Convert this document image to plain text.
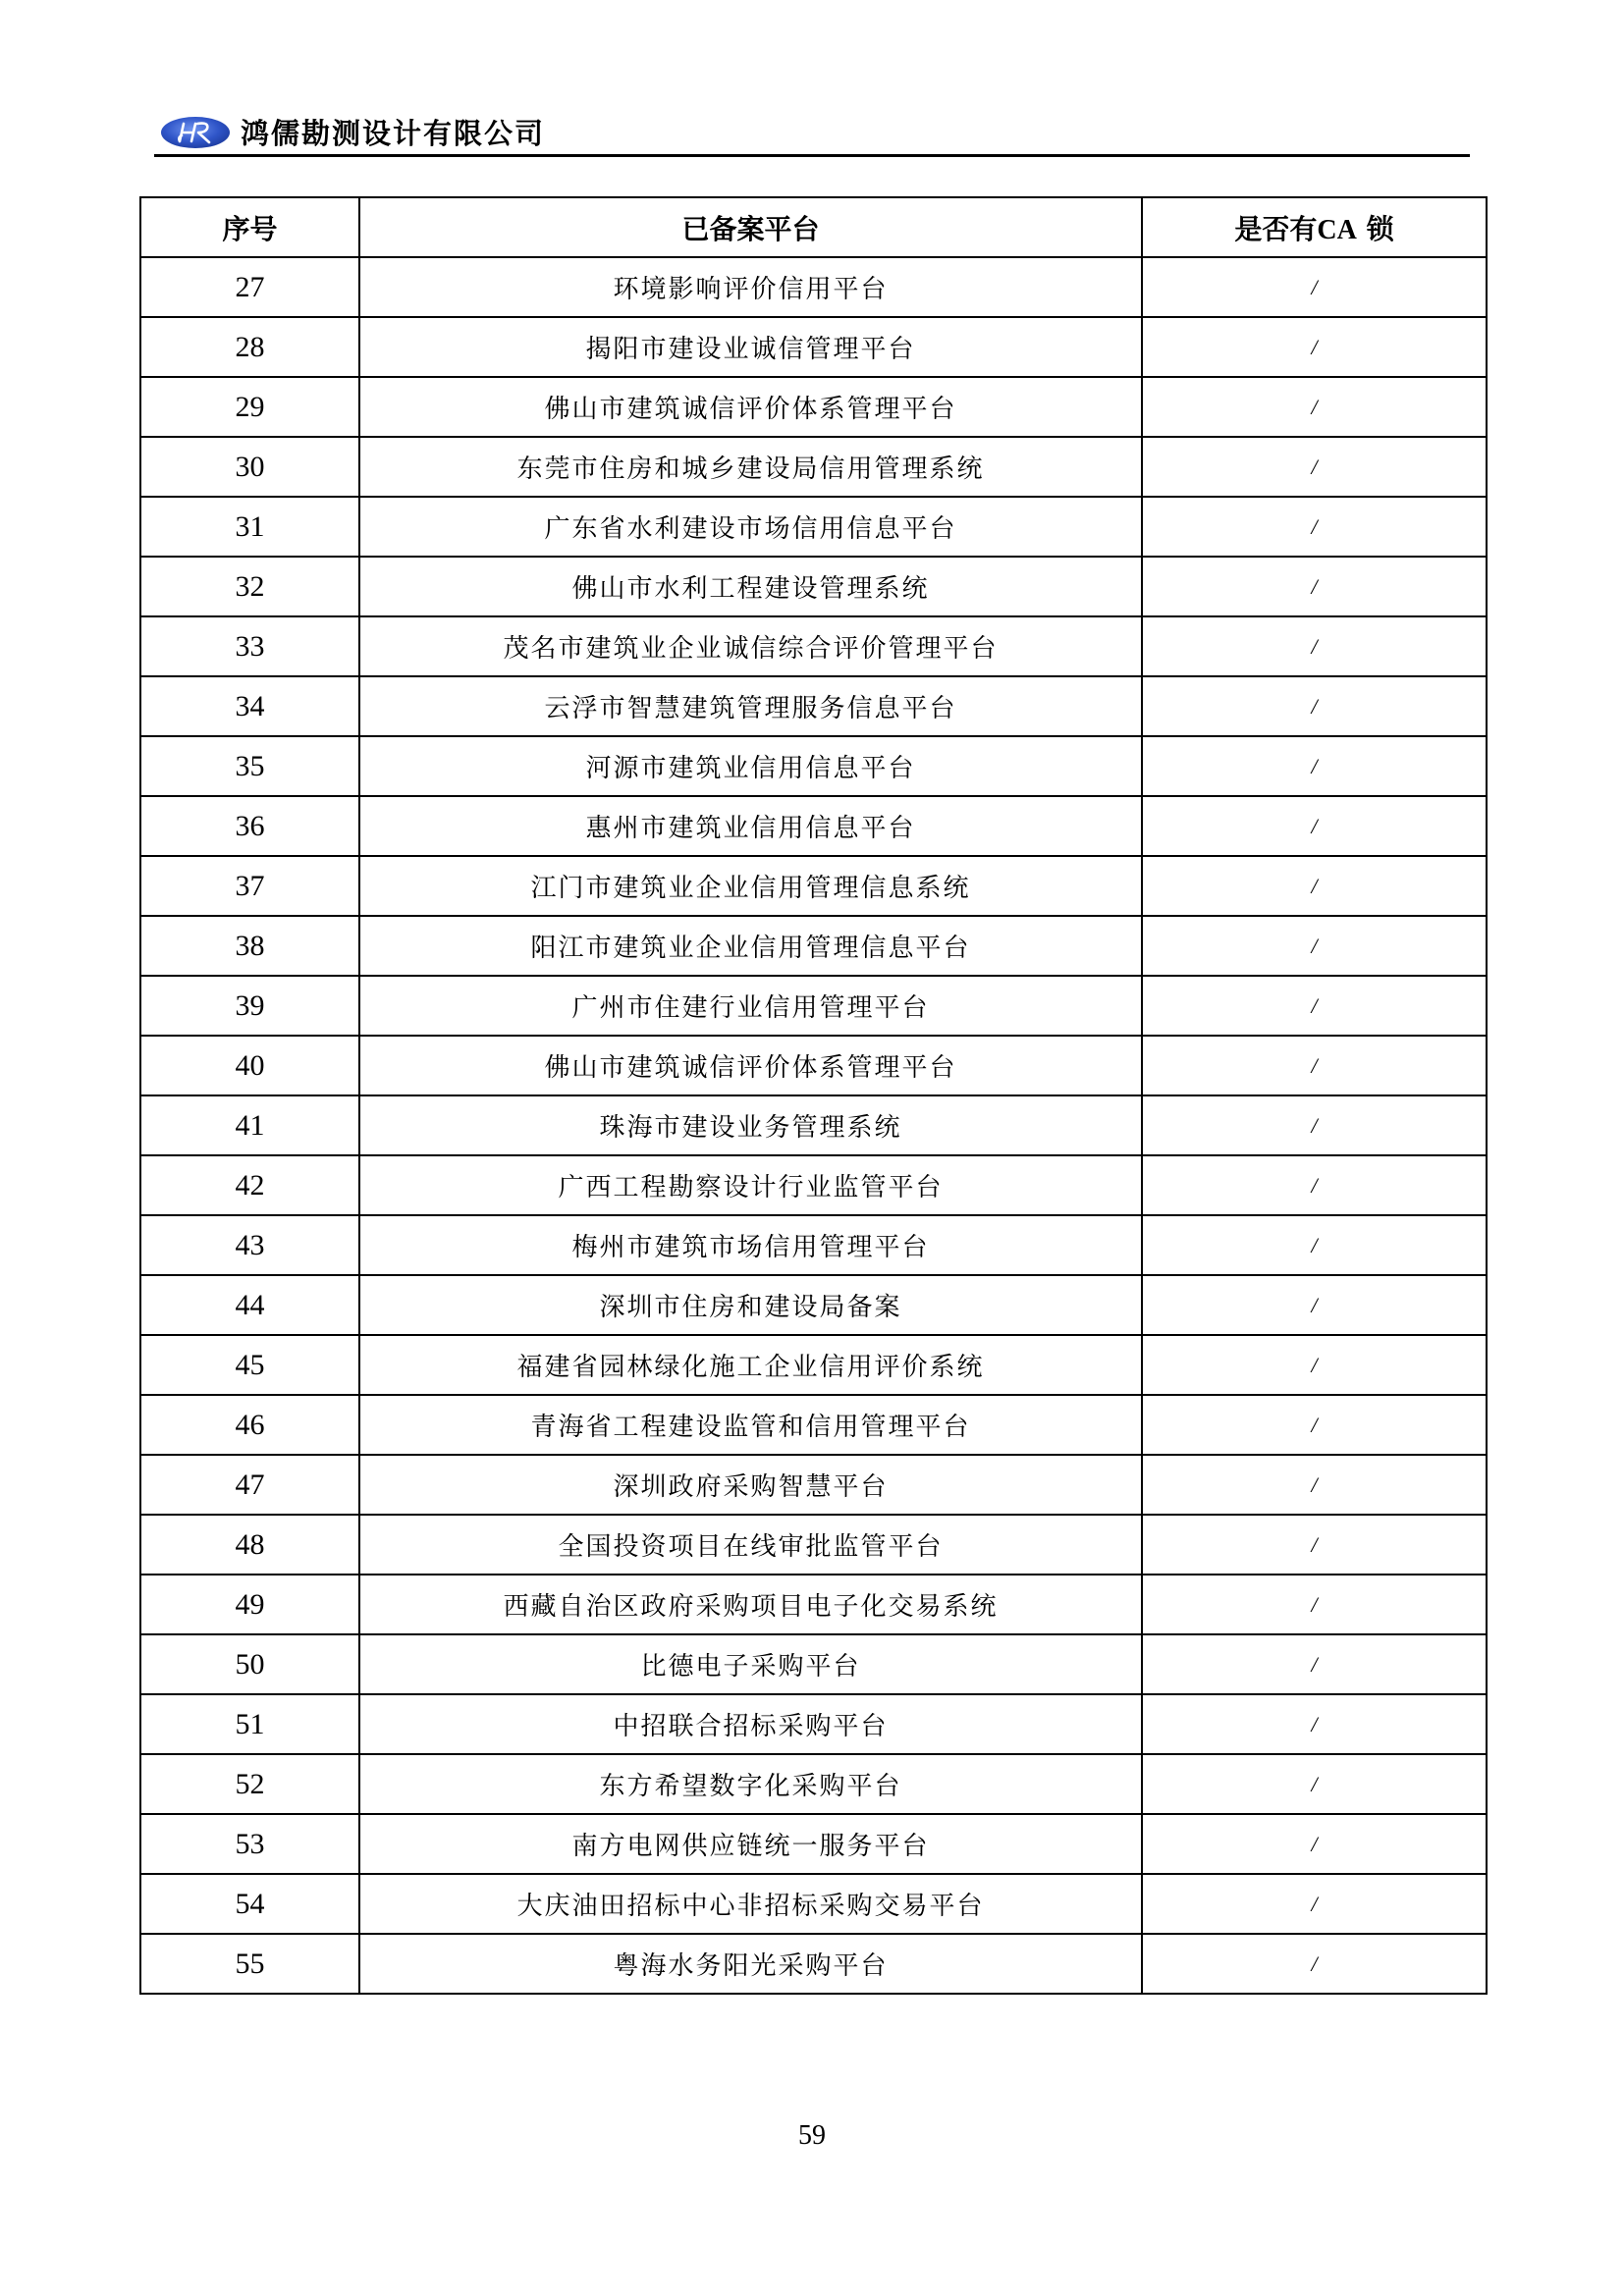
鸿儒勘测设计有限公司
序号	已备案平台	是否有CA 锁
27	环境影响评价信用平台	/
28	揭阳市建设业诚信管理平台	/
29	佛山市建筑诚信评价体系管理平台	/
30	东莞市住房和城乡建设局信用管理系统	/
31	广东省水利建设市场信用信息平台	/
32	佛山市水利工程建设管理系统	/
33	茂名市建筑业企业诚信综合评价管理平台	/
34	云浮市智慧建筑管理服务信息平台	/
35	河源市建筑业信用信息平台	/
36	惠州市建筑业信用信息平台	/
37	江门市建筑业企业信用管理信息系统	/
38	阳江市建筑业企业信用管理信息平台	/
39	广州市住建行业信用管理平台	/
40	佛山市建筑诚信评价体系管理平台	/
41	珠海市建设业务管理系统	/
42	广西工程勘察设计行业监管平台	/
43	梅州市建筑市场信用管理平台	/
44	深圳市住房和建设局备案	/
45	福建省园林绿化施工企业信用评价系统	/
46	青海省工程建设监管和信用管理平台	/
47	深圳政府采购智慧平台	/
48	全国投资项目在线审批监管平台	/
49	西藏自治区政府采购项目电子化交易系统	/
50	比德电子采购平台	/
51	中招联合招标采购平台	/
52	东方希望数字化采购平台	/
53	南方电网供应链统一服务平台	/
54	大庆油田招标中心非招标采购交易平台	/
55	粤海水务阳光采购平台	/
59
